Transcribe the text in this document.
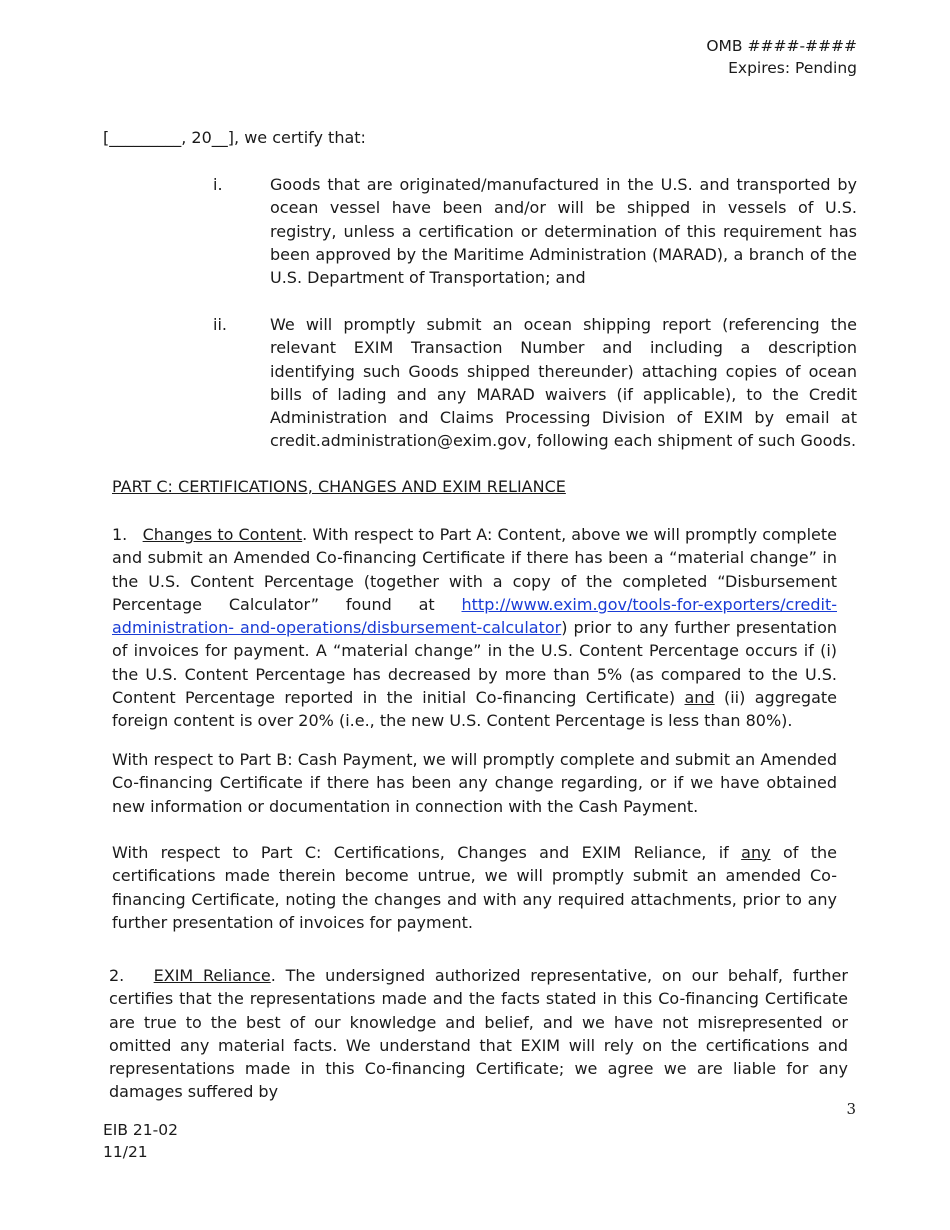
OMB ####-####
Expires: Pending
[_________, 20__], we certify that:
i.	Goods that are originated/manufactured in the U.S. and transported by ocean vessel have been and/or will be shipped in vessels of U.S. registry, unless a certification or determination of this requirement has been approved by the Maritime Administration (MARAD), a branch of the U.S. Department of Transportation; and
ii.	We will promptly submit an ocean shipping report (referencing the relevant EXIM Transaction Number and including a description identifying such Goods shipped thereunder) attaching copies of ocean bills of lading and any MARAD waivers (if applicable), to the Credit Administration and Claims Processing Division of EXIM by email at credit.administration@exim.gov, following each shipment of such Goods.
PART C: CERTIFICATIONS, CHANGES AND EXIM RELIANCE
1. Changes to Content. With respect to Part A: Content, above we will promptly complete and submit an Amended Co-financing Certificate if there has been a “material change” in the U.S. Content Percentage (together with a copy of the completed “Disbursement Percentage Calculator” found at http://www.exim.gov/tools-for-exporters/credit-administration- and-operations/disbursement-calculator) prior to any further presentation of invoices for payment. A “material change” in the U.S. Content Percentage occurs if (i) the U.S. Content Percentage has decreased by more than 5% (as compared to the U.S. Content Percentage reported in the initial Co-financing Certificate) and (ii) aggregate foreign content is over 20% (i.e., the new U.S. Content Percentage is less than 80%).
With respect to Part B: Cash Payment, we will promptly complete and submit an Amended Co-financing Certificate if there has been any change regarding, or if we have obtained new information or documentation in connection with the Cash Payment.
With respect to Part C: Certifications, Changes and EXIM Reliance, if any of the certifications made therein become untrue, we will promptly submit an amended Co-financing Certificate, noting the changes and with any required attachments, prior to any further presentation of invoices for payment.
2. EXIM Reliance. The undersigned authorized representative, on our behalf, further certifies that the representations made and the facts stated in this Co-financing Certificate are true to the best of our knowledge and belief, and we have not misrepresented or omitted any material facts. We understand that EXIM will rely on the certifications and representations made in this Co-financing Certificate; we agree we are liable for any damages suffered by
3
EIB 21-02
11/21
